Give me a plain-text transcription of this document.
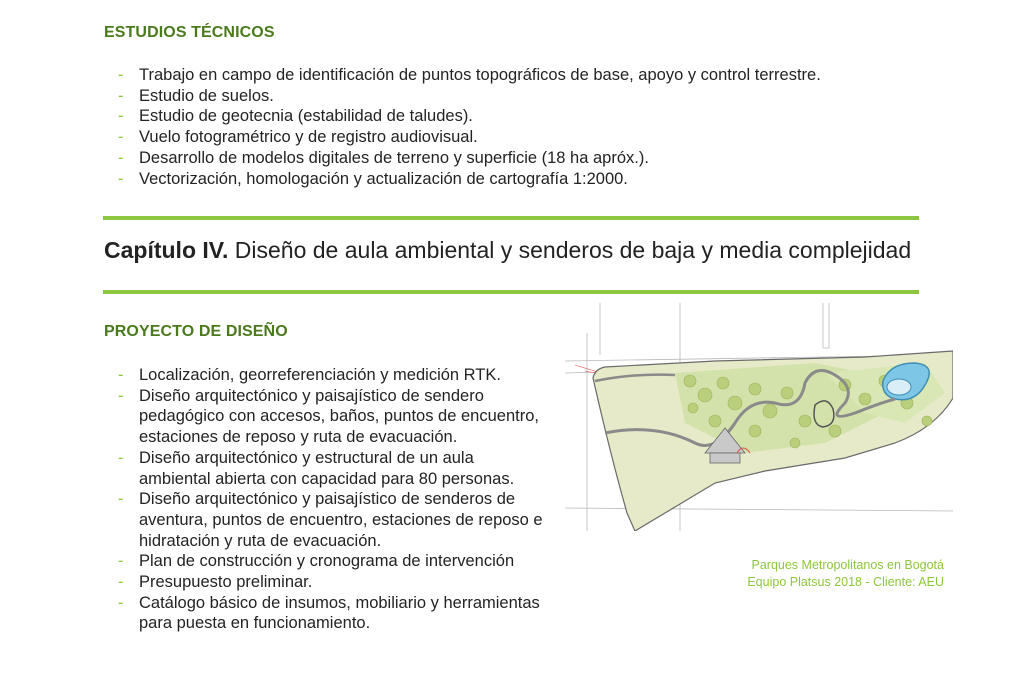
ESTUDIOS TÉCNICOS
- Trabajo en campo de identificación de puntos topográficos de base, apoyo y control terrestre.
- Estudio de suelos.
- Estudio de geotecnia (estabilidad de taludes).
- Vuelo fotogramétrico y de registro audiovisual.
- Desarrollo de modelos digitales de terreno y superficie (18 ha apróx.).
- Vectorización, homologación y actualización de cartografía 1:2000.
Capítulo IV. Diseño de aula ambiental y senderos de baja y media complejidad
PROYECTO DE DISEÑO
- Localización, georreferenciación y medición RTK.
- Diseño arquitectónico y paisajístico de sendero pedagógico con accesos, baños, puntos de encuentro, estaciones de reposo y ruta de evacuación.
- Diseño arquitectónico y estructural de un aula ambiental abierta con capacidad para 80 personas.
- Diseño arquitectónico y paisajístico de senderos de aventura, puntos de encuentro, estaciones de reposo e hidratación y ruta de evacuación.
- Plan de construcción y cronograma de intervención
- Presupuesto preliminar.
- Catálogo básico de insumos, mobiliario y herramientas para puesta en funcionamiento.

Parques Metropolitanos en Bogotá
Equipo Platsus 2018 - Cliente: AEU
